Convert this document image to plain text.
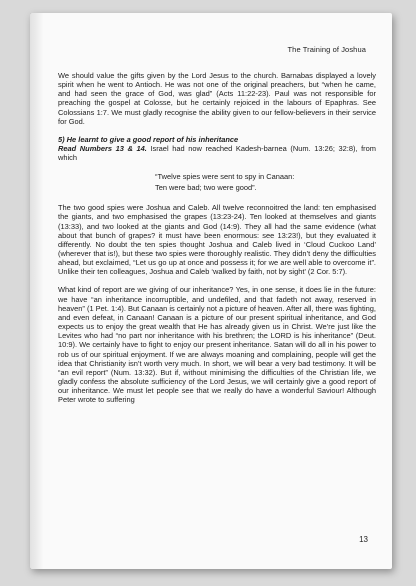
The Training of Joshua

We should value the gifts given by the Lord Jesus to the church. Barnabas displayed a lovely spirit when he went to Antioch. He was not one of the original preachers, but “when he came, and had seen the grace of God, was glad” (Acts 11:22-23). Paul was not responsible for preaching the gospel at Colosse, but he certainly rejoiced in the labours of Epaphras. See Colossians 1:7. We must gladly recognise the ability given to our fellow-believers in their service for God.

5) He learnt to give a good report of his inheritance
Read Numbers 13 & 14. Israel had now reached Kadesh-barnea (Num. 13:26; 32:8), from which

“Twelve spies were sent to spy in Canaan:
Ten were bad; two were good”.

The two good spies were Joshua and Caleb. All twelve reconnoitred the land: ten emphasised the giants, and two emphasised the grapes (13:23-24). Ten looked at themselves and giants (13:33), and two looked at the giants and God (14:9). They all had the same evidence (what about that bunch of grapes? it must have been enormous: see 13:23!), but they evaluated it differently. No doubt the ten spies thought Joshua and Caleb lived in ‘Cloud Cuckoo Land’ (wherever that is!), but these two spies were thoroughly realistic. They didn’t deny the difficulties ahead, but exclaimed, “Let us go up at once and possess it; for we are well able to overcome it”. Unlike their ten colleagues, Joshua and Caleb ‘walked by faith, not by sight’ (2 Cor. 5:7).

What kind of report are we giving of our inheritance? Yes, in one sense, it does lie in the future: we have “an inheritance incorruptible, and undefiled, and that fadeth not away, reserved in heaven” (1 Pet. 1:4). But Canaan is certainly not a picture of heaven. After all, there was fighting, and even defeat, in Canaan! Canaan is a picture of our present spiritual inheritance, and God expects us to enjoy the great wealth that He has already given us in Christ. We’re just like the Levites who had “no part nor inheritance with his brethren; the LORD is his inheritance” (Deut. 10:9). We certainly have to fight to enjoy our present inheritance. Satan will do all in his power to rob us of our spiritual enjoyment. If we are always moaning and complaining, people will get the idea that Christianity isn’t worth very much. In short, we will bear a very bad testimony. It will be “an evil report” (Num. 13:32). But if, without minimising the difficulties of the Christian life, we gladly confess the absolute sufficiency of the Lord Jesus, we will certainly give a good report of our inheritance. We must let people see that we really do have a wonderful Saviour! Although Peter wrote to suffering

13
